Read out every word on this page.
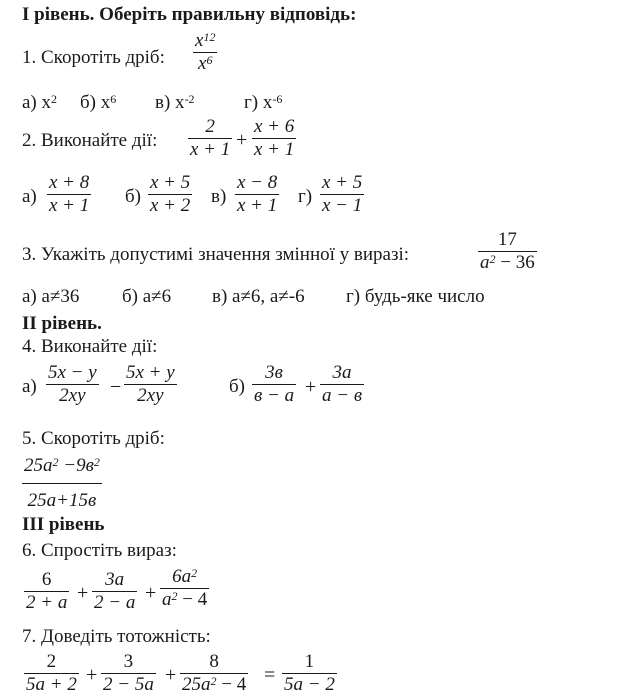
I рівень. Оберіть правильну відповідь:
1. Скоротіть дріб: $\frac{x^{12}}{x^6}$
а) $x^2$ б) $x^6$ в) $x^{-2}$	г) $x^{-6}$
2. Виконайте дії: $\frac{2}{x + 1} + \frac{x + 6}{x + 1}$
$а) \frac{x + 8}{x + 1} б) \frac{x + 5}{x + 2} в) \frac{x - 8}{x + 1} г) \frac{x + 5}{x - 1}$
3. Укажіть допустимі значення змінної у виразі:	$\frac{17}{a^2 - 36}$
а) а≠36 б) а≠6 в) а≠6, а≠-6 г) будь-яке число
II рівень.
4. Виконайте дії:
$а) \frac{5x - y}{2xy} - \frac{5x + y}{2xy}$	б)
3в
в − а +
3а
а − в
5. Скоротіть дріб:
$25a^2 -9в^2$
25a+15в
III рівень
6. Спростіть вираз:
$\frac{6}{2 + a} + \frac{3a}{2 - a} + \frac{6a^2}{a^2 - 4}$
7. Доведіть тотожність:
$\frac{2}{5a + 2} + \frac{3}{2 - 5a} + \frac{8}{25a^2 - 4} = \frac{1}{5a - 2}$
